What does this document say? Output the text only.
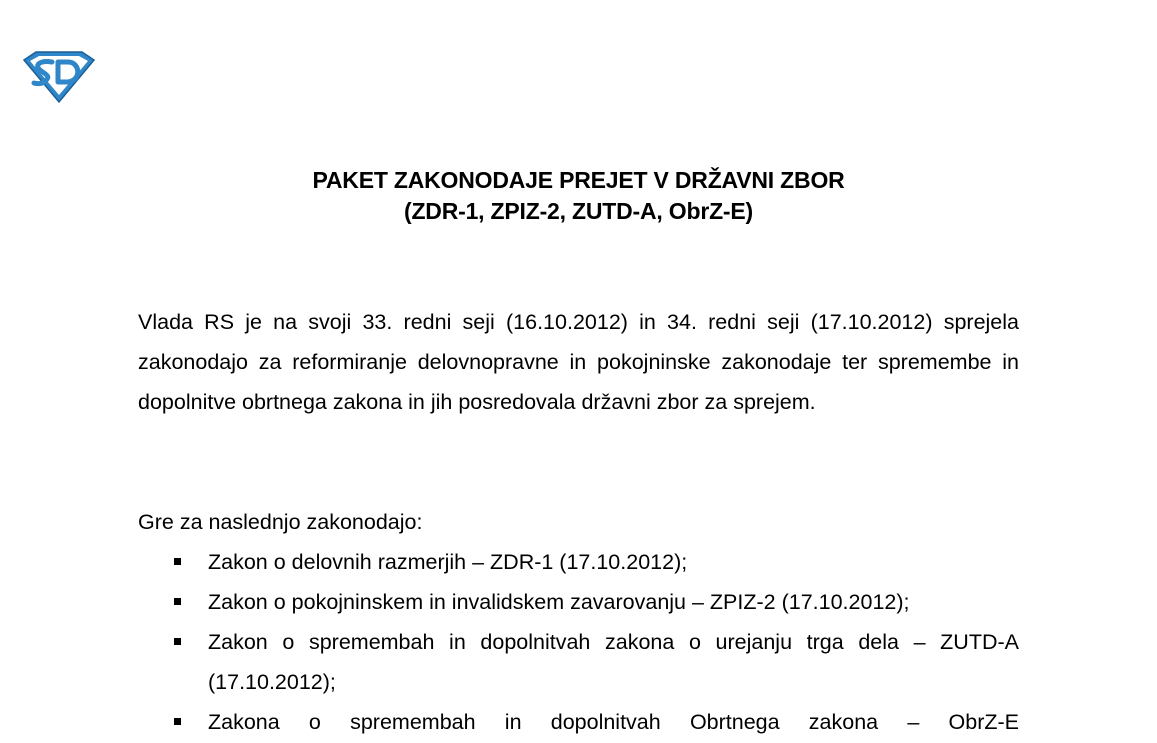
PAKET ZAKONODAJE PREJET V DRŽAVNI ZBOR

(ZDR-1, ZPIZ-2, ZUTD-A, ObrZ-E)

Vlada RS je na svoji 33. redni seji (16.10.2012) in 34. redni seji (17.10.2012) sprejela zakonodajo za reformiranje delovnopravne in pokojninske zakonodaje ter spremembe in dopolnitve obrtnega zakona in jih posredovala državni zbor za sprejem.

Gre za naslednjo zakonodajo:

Zakon o delovnih razmerjih – ZDR-1 (17.10.2012);
Zakon o pokojninskem in invalidskem zavarovanju – ZPIZ-2 (17.10.2012);
Zakon o spremembah in dopolnitvah zakona o urejanju trga dela – ZUTD-A (17.10.2012);
Zakona o spremembah in dopolnitvah Obrtnega zakona – ObrZ-E
